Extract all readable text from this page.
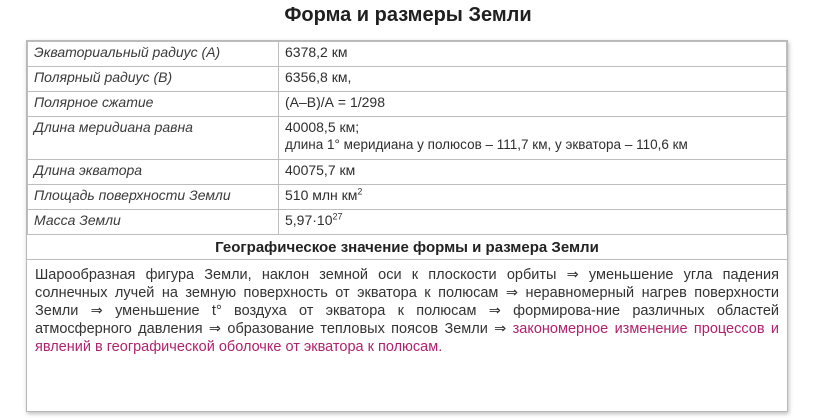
Форма и размеры Земли
Экваториальный радиус (А)	6378,2 км
Полярный радиус (В)	6356,8 км,
Полярное сжатие	(А–В)/А = 1/298
Длина меридиана равна	40008,5 км;
длина 1° меридиана у полюсов – 111,7 км, у экватора – 110,6 км

Длина экватора	40075,7 км
Площадь поверхности Земли	510 млн $км^2$
Масса Земли	$5,97\cdot 10^{27}$
Географическое значение формы и размера Земли
Шарообразная фигура Земли, наклон земной оси к плоскости орбиты ⇒ уменьшение угла падения солнечных лучей на земную поверхность от экватора к полюсам ⇒ неравномерный нагрев поверхности Земли ⇒ уменьшение t° воздуха от экватора к полюсам ⇒ формирова-ние различных областей атмосферного давления ⇒ образование тепловых поясов Земли ⇒ закономерное изменение процессов и явлений в географической оболочке от экватора к полюсам.
